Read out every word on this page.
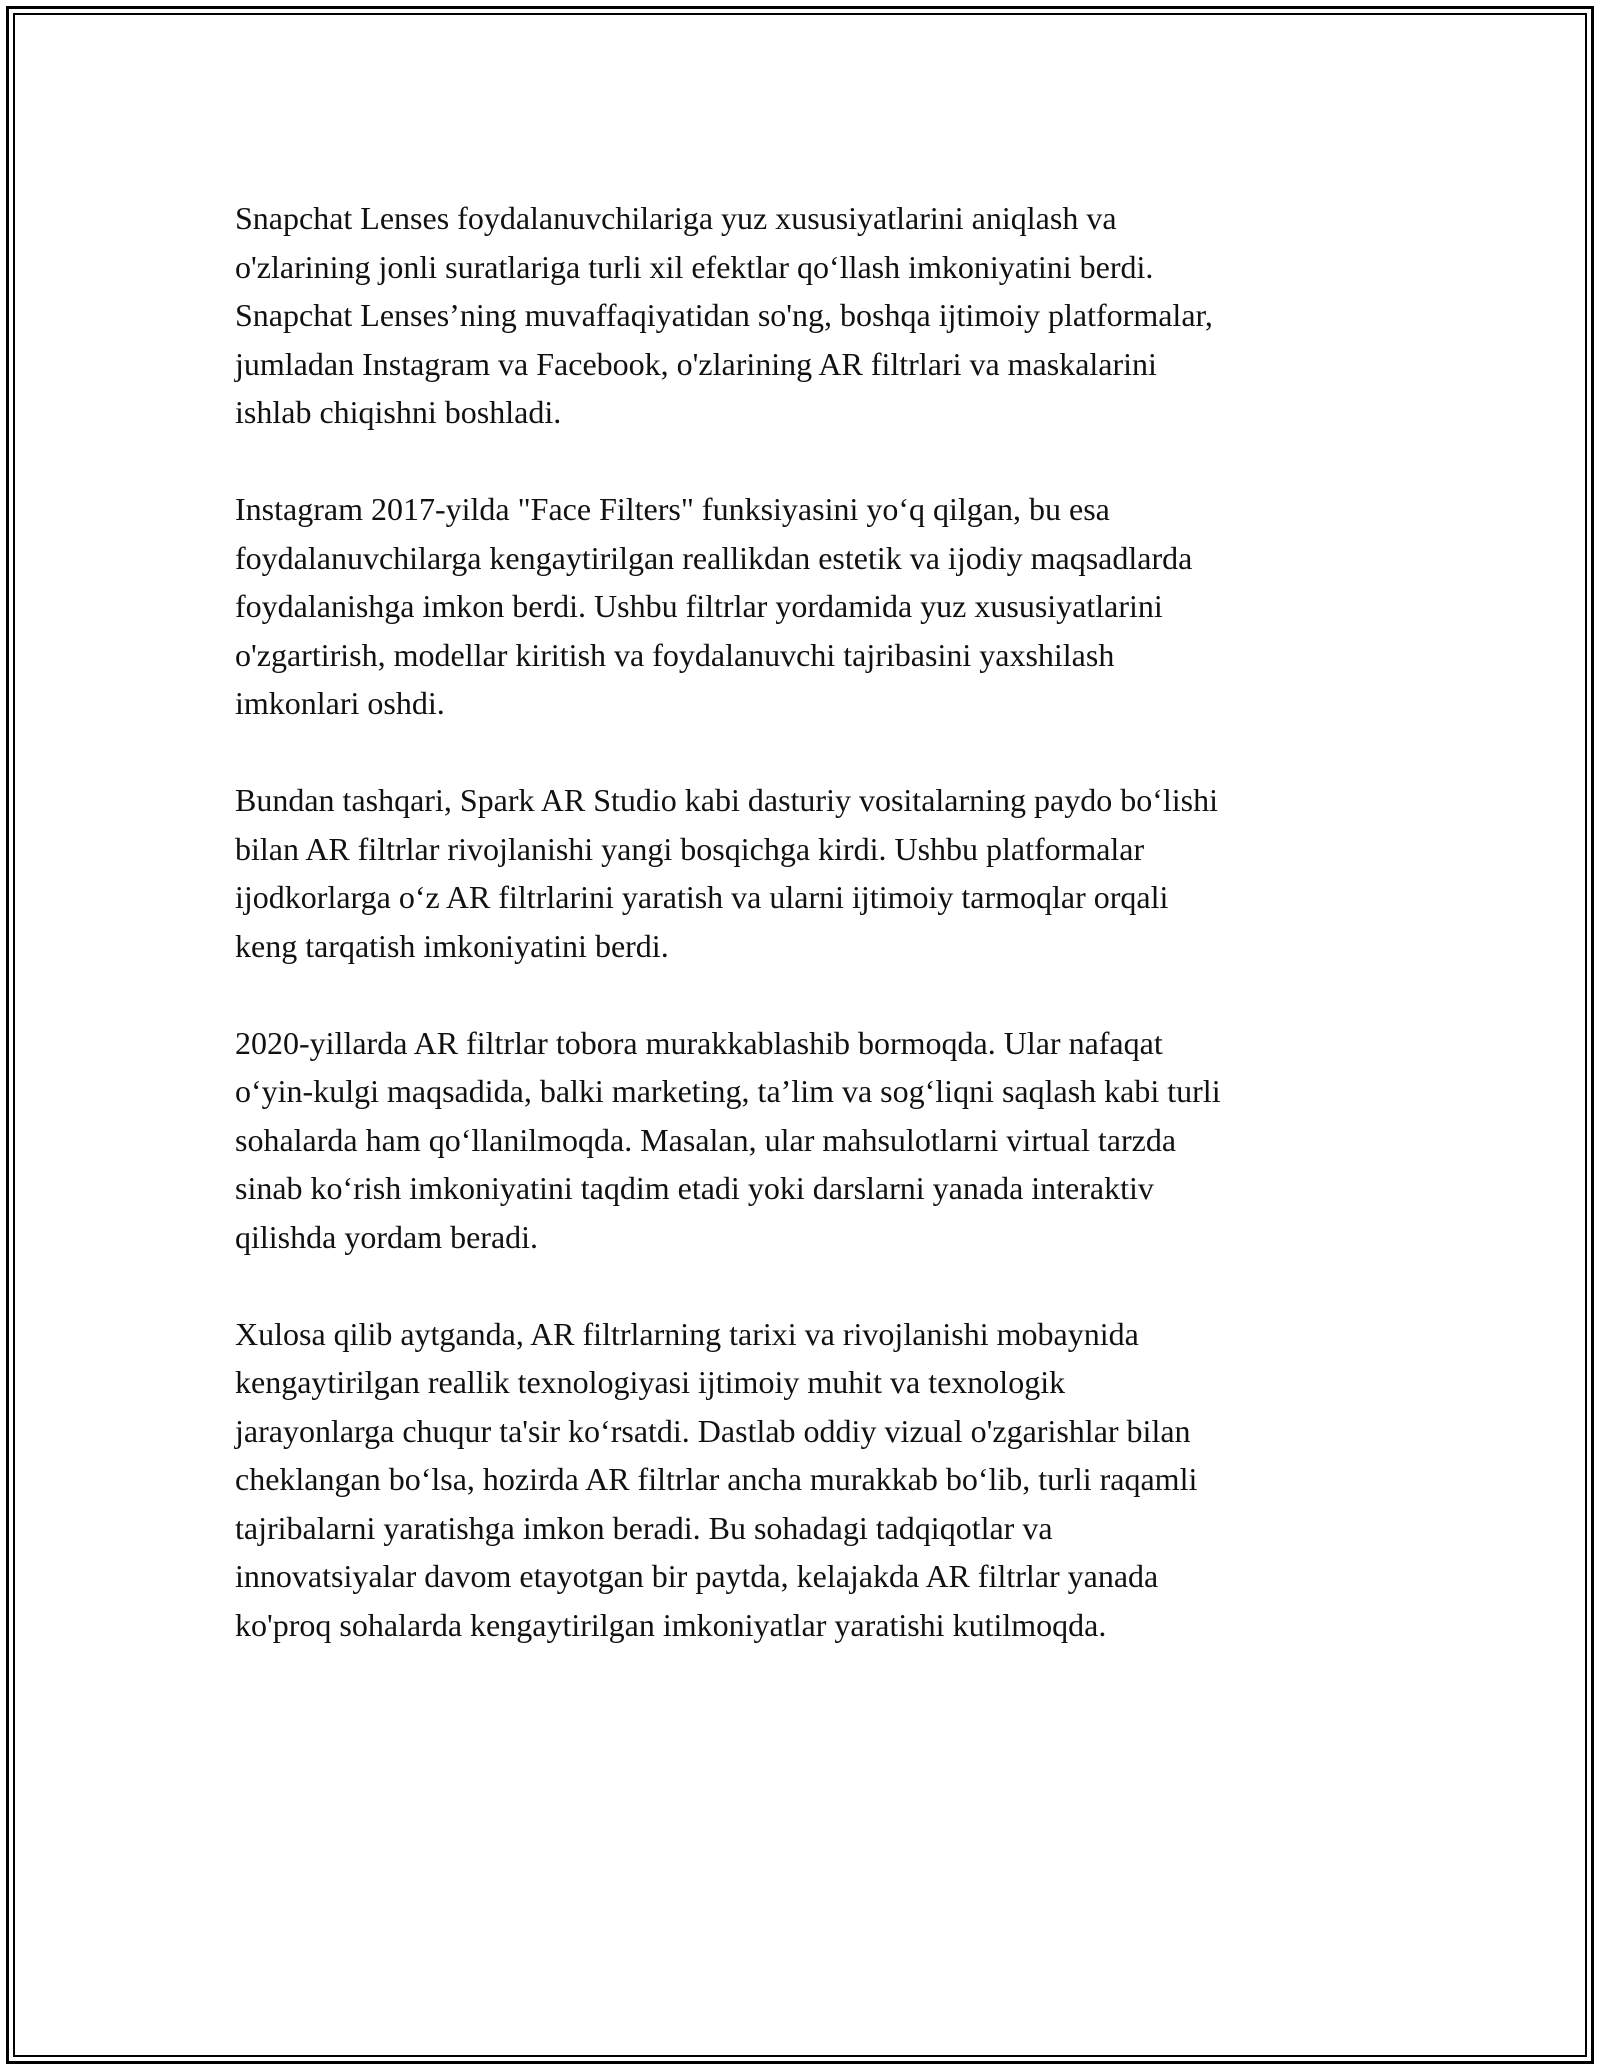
Snapchat Lenses foydalanuvchilariga yuz xususiyatlarini aniqlash va
o'zlarining jonli suratlariga turli xil efektlar qo‘llash imkoniyatini berdi.
Snapchat Lenses’ning muvaffaqiyatidan so'ng, boshqa ijtimoiy platformalar,
jumladan Instagram va Facebook, o'zlarining AR filtrlari va maskalarini
ishlab chiqishni boshladi.

Instagram 2017-yilda "Face Filters" funksiyasini yo‘q qilgan, bu esa
foydalanuvchilarga kengaytirilgan reallikdan estetik va ijodiy maqsadlarda
foydalanishga imkon berdi. Ushbu filtrlar yordamida yuz xususiyatlarini
o'zgartirish, modellar kiritish va foydalanuvchi tajribasini yaxshilash
imkonlari oshdi.

Bundan tashqari, Spark AR Studio kabi dasturiy vositalarning paydo bo‘lishi
bilan AR filtrlar rivojlanishi yangi bosqichga kirdi. Ushbu platformalar
ijodkorlarga o‘z AR filtrlarini yaratish va ularni ijtimoiy tarmoqlar orqali
keng tarqatish imkoniyatini berdi.

2020-yillarda AR filtrlar tobora murakkablashib bormoqda. Ular nafaqat
o‘yin-kulgi maqsadida, balki marketing, ta’lim va sog‘liqni saqlash kabi turli
sohalarda ham qo‘llanilmoqda. Masalan, ular mahsulotlarni virtual tarzda
sinab ko‘rish imkoniyatini taqdim etadi yoki darslarni yanada interaktiv
qilishda yordam beradi.

Xulosa qilib aytganda, AR filtrlarning tarixi va rivojlanishi mobaynida
kengaytirilgan reallik texnologiyasi ijtimoiy muhit va texnologik
jarayonlarga chuqur ta'sir ko‘rsatdi. Dastlab oddiy vizual o'zgarishlar bilan
cheklangan bo‘lsa, hozirda AR filtrlar ancha murakkab bo‘lib, turli raqamli
tajribalarni yaratishga imkon beradi. Bu sohadagi tadqiqotlar va
innovatsiyalar davom etayotgan bir paytda, kelajakda AR filtrlar yanada
ko'proq sohalarda kengaytirilgan imkoniyatlar yaratishi kutilmoqda.
